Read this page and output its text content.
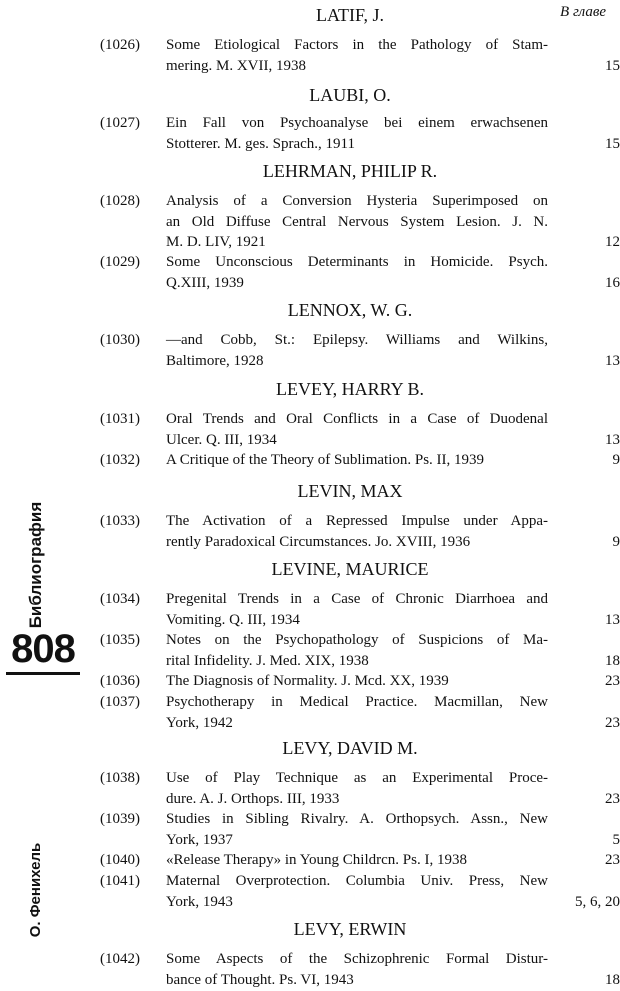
В главе
Библиография
808
О. Фенихель
LATIF, J.
(1026) Some Etiological Factors in the Pathology of Stam-
mering. M. XVII, 1938	15
LAUBI, O.
(1027) Ein Fall von Psychoanalyse bei einem erwachsenen
Stotterer. M. ges. Sprach., 1911	15
LEHRMAN, PHILIP R.
(1028) Analysis of a Conversion Hysteria Superimposed on
an Old Diffuse Central Nervous System Lesion. J. N.
M. D. LIV, 1921	12
(1029) Some Unconscious Determinants in Homicide. Psych.
Q.XIII, 1939	16
LENNOX, W. G.
(1030) —and Cobb, St.: Epilepsy. Williams and Wilkins,
Baltimore, 1928	13
LEVEY, HARRY B.
(1031) Oral Trends and Oral Conflicts in a Case of Duodenal
Ulcer. Q. III, 1934	13
(1032) A Critique of the Theory of Sublimation. Ps. II, 1939	9
LEVIN, MAX
(1033) The Activation of a Repressed Impulse under Appa-
rently Paradoxical Circumstances. Jo. XVIII, 1936	9
LEVINE, MAURICE
(1034) Pregenital Trends in a Case of Chronic Diarrhoea and
Vomiting. Q. III, 1934	13
(1035) Notes on the Psychopathology of Suspicions of Ma-
rital Infidelity. J. Med. XIX, 1938	18
(1036) The Diagnosis of Normality. J. Mcd. XX, 1939	23
(1037) Psychotherapy in Medical Practice. Macmillan, New
York, 1942	23
LEVY, DAVID M.
(1038) Use of Play Technique as an Experimental Proce-
dure. A. J. Orthops. III, 1933	23
(1039) Studies in Sibling Rivalry. A. Orthopsych. Assn., New
York, 1937	5
(1040) «Release Therapy» in Young Childrcn. Ps. I, 1938	23
(1041) Maternal Overprotection. Columbia Univ. Press, New
York, 1943	5, 6, 20
LEVY, ERWIN
(1042) Some Aspects of the Schizophrenic Formal Distur-
bance of Thought. Ps. VI, 1943	18
